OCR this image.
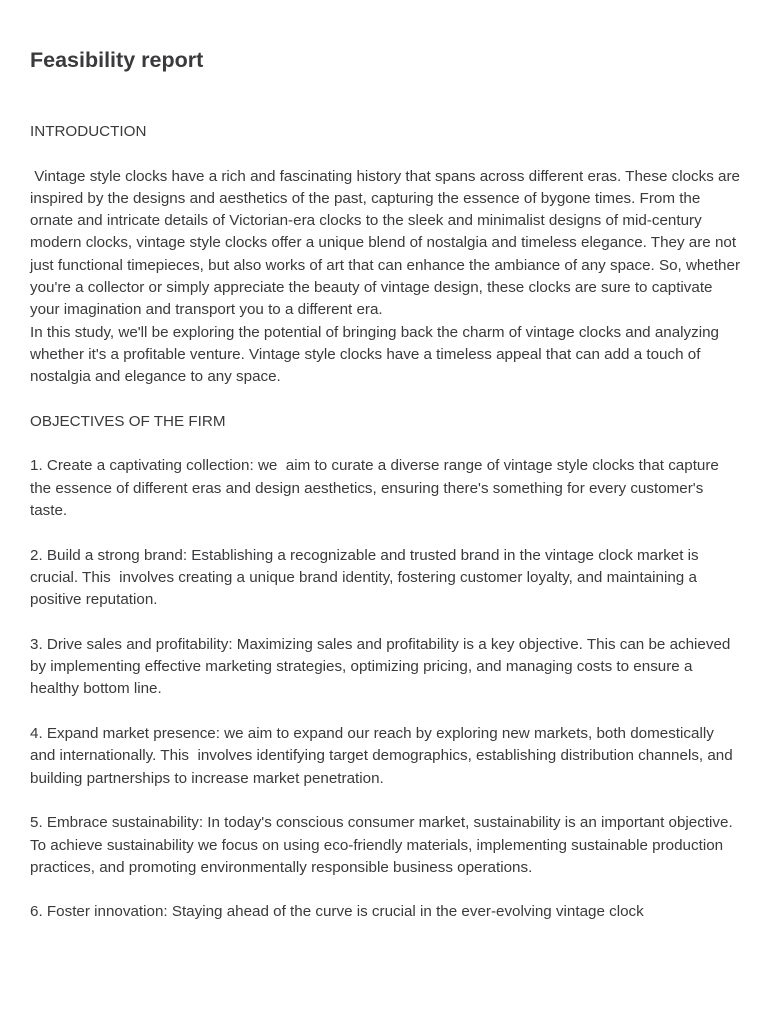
Feasibility report

INTRODUCTION

Vintage style clocks have a rich and fascinating history that spans across different eras. These clocks are inspired by the designs and aesthetics of the past, capturing the essence of bygone times. From the ornate and intricate details of Victorian-era clocks to the sleek and minimalist designs of mid-century modern clocks, vintage style clocks offer a unique blend of nostalgia and timeless elegance. They are not just functional timepieces, but also works of art that can enhance the ambiance of any space. So, whether you're a collector or simply appreciate the beauty of vintage design, these clocks are sure to captivate your imagination and transport you to a different era.

In this study, we'll be exploring the potential of bringing back the charm of vintage clocks and analyzing whether it's a profitable venture. Vintage style clocks have a timeless appeal that can add a touch of nostalgia and elegance to any space.

OBJECTIVES OF THE FIRM

1. Create a captivating collection: we  aim to curate a diverse range of vintage style clocks that capture the essence of different eras and design aesthetics, ensuring there's something for every customer's taste.

2. Build a strong brand: Establishing a recognizable and trusted brand in the vintage clock market is crucial. This  involves creating a unique brand identity, fostering customer loyalty, and maintaining a positive reputation.

3. Drive sales and profitability: Maximizing sales and profitability is a key objective. This can be achieved by implementing effective marketing strategies, optimizing pricing, and managing costs to ensure a healthy bottom line.

4. Expand market presence: we aim to expand our reach by exploring new markets, both domestically and internationally. This  involves identifying target demographics, establishing distribution channels, and building partnerships to increase market penetration.

5. Embrace sustainability: In today's conscious consumer market, sustainability is an important objective. To achieve sustainability we focus on using eco-friendly materials, implementing sustainable production practices, and promoting environmentally responsible business operations.

6. Foster innovation: Staying ahead of the curve is crucial in the ever-evolving vintage clock
